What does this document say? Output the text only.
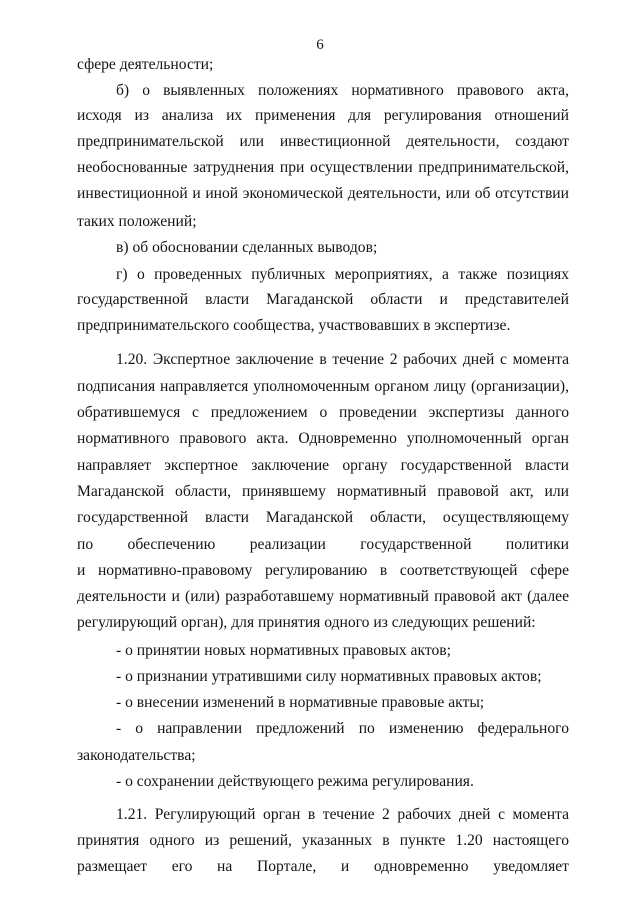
6
сфере деятельности;
б) о выявленных положениях нормативного правового акта,
исходя из анализа их применения для регулирования отношений
предпринимательской или инвестиционной деятельности, создают
необоснованные затруднения при осуществлении предпринимательской,
инвестиционной и иной экономической деятельности, или об отсутствии
таких положений;
в) об обосновании сделанных выводов;
г) о проведенных публичных мероприятиях, а также позициях
государственной власти Магаданской области и представителей
предпринимательского сообщества, участвовавших в экспертизе.
1.20. Экспертное заключение в течение 2 рабочих дней с момента
подписания направляется уполномоченным органом лицу (организации),
обратившемуся с предложением о проведении экспертизы данного
нормативного правового акта. Одновременно уполномоченный орган
направляет экспертное заключение органу государственной власти
Магаданской области, принявшему нормативный правовой акт, или
государственной власти Магаданской области, осуществляющему
по обеспечению реализации государственной политики
и нормативно-правовому регулированию в соответствующей сфере
деятельности и (или) разработавшему нормативный правовой акт (далее
регулирующий орган), для принятия одного из следующих решений:
- о принятии новых нормативных правовых актов;
- о признании утратившими силу нормативных правовых актов;
- о внесении изменений в нормативные правовые акты;
- о направлении предложений по изменению федерального
законодательства;
- о сохранении действующего режима регулирования.
1.21. Регулирующий орган в течение 2 рабочих дней с момента
принятия одного из решений, указанных в пункте 1.20 настоящего
размещает его на Портале, и одновременно уведомляет
